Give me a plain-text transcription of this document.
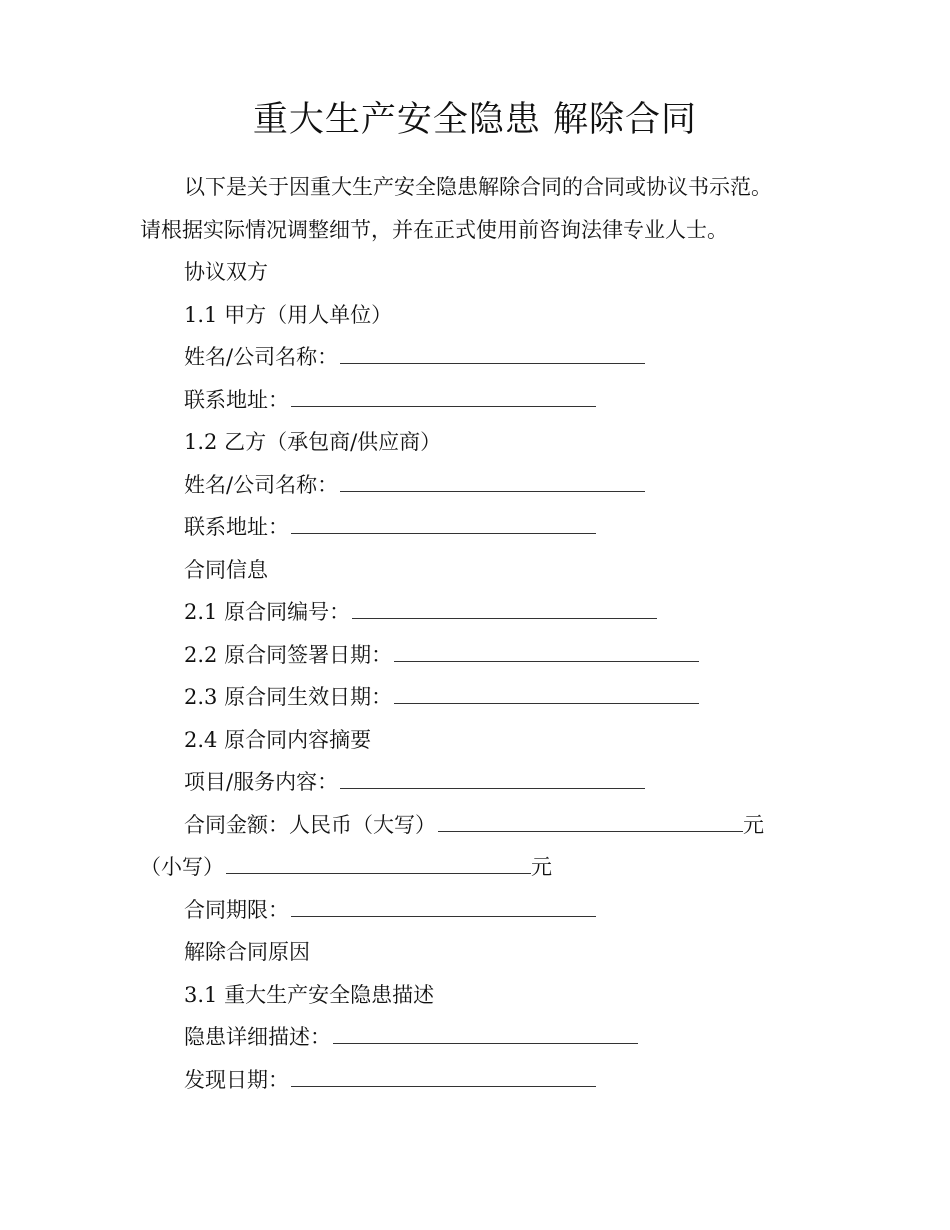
重大生产安全隐患 解除合同
以下是关于因重大生产安全隐患解除合同的合同或协议书示范。
请根据实际情况调整细节，并在正式使用前咨询法律专业人士。
协议双方
1.1 甲方（用人单位）
姓名/公司名称：
联系地址：
1.2 乙方（承包商/供应商）
姓名/公司名称：
联系地址：
合同信息
2.1 原合同编号：
2.2 原合同签署日期：
2.3 原合同生效日期：
2.4 原合同内容摘要
项目/服务内容：
合同金额：人民币（大写）	元
（小写）	元
合同期限：
解除合同原因
3.1 重大生产安全隐患描述
隐患详细描述：
发现日期：
